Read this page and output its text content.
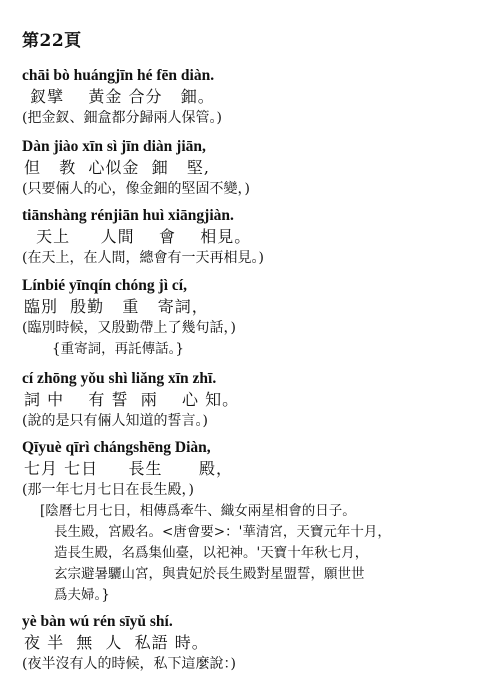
第22頁
chāi bò huángjīn hé fēn diàn.
釵擘    黃金 合分   鈿。
(把金釵、鈿盒都分歸兩人保管。)
Dàn jiào xīn sì jīn diàn jiān,
但   教  心似金  鈿   堅,
(只要倆人的心，像金鈿的堅固不變，)
tiānshàng rénjiān huì xiāngjiàn.
天上     人間    會    相見。
(在天上，在人間，總會有一天再相見。)
Línbié yīnqín chóng jì cí,
臨別  殷勤   重   寄詞，
(臨別時候，又殷勤帶上了幾句話，)
{重寄詞，再託傳話。}
cí zhōng yǒu shì liǎng xīn zhī.
詞 中    有 誓  兩    心 知。
(說的是只有倆人知道的誓言。)
Qīyuè qīrì chángshēng Diàn,
七月 七日     長生      殿，
(那一年七月七日在長生殿，)
[陰曆七月七日，相傳爲牽牛、織女兩星相會的日子。
長生殿，宮殿名。<唐會要>：'華清宮，天寶元年十月，
造長生殿，名爲集仙臺，以祀神。'天寶十年秋七月，
玄宗避暑驪山宮，與貴妃於長生殿對星盟誓，願世世
爲夫婦。}
yè bàn wú rén sīyǔ shí.
夜 半  無  人  私語 時。
(夜半沒有人的時候，私下這麼說：)
